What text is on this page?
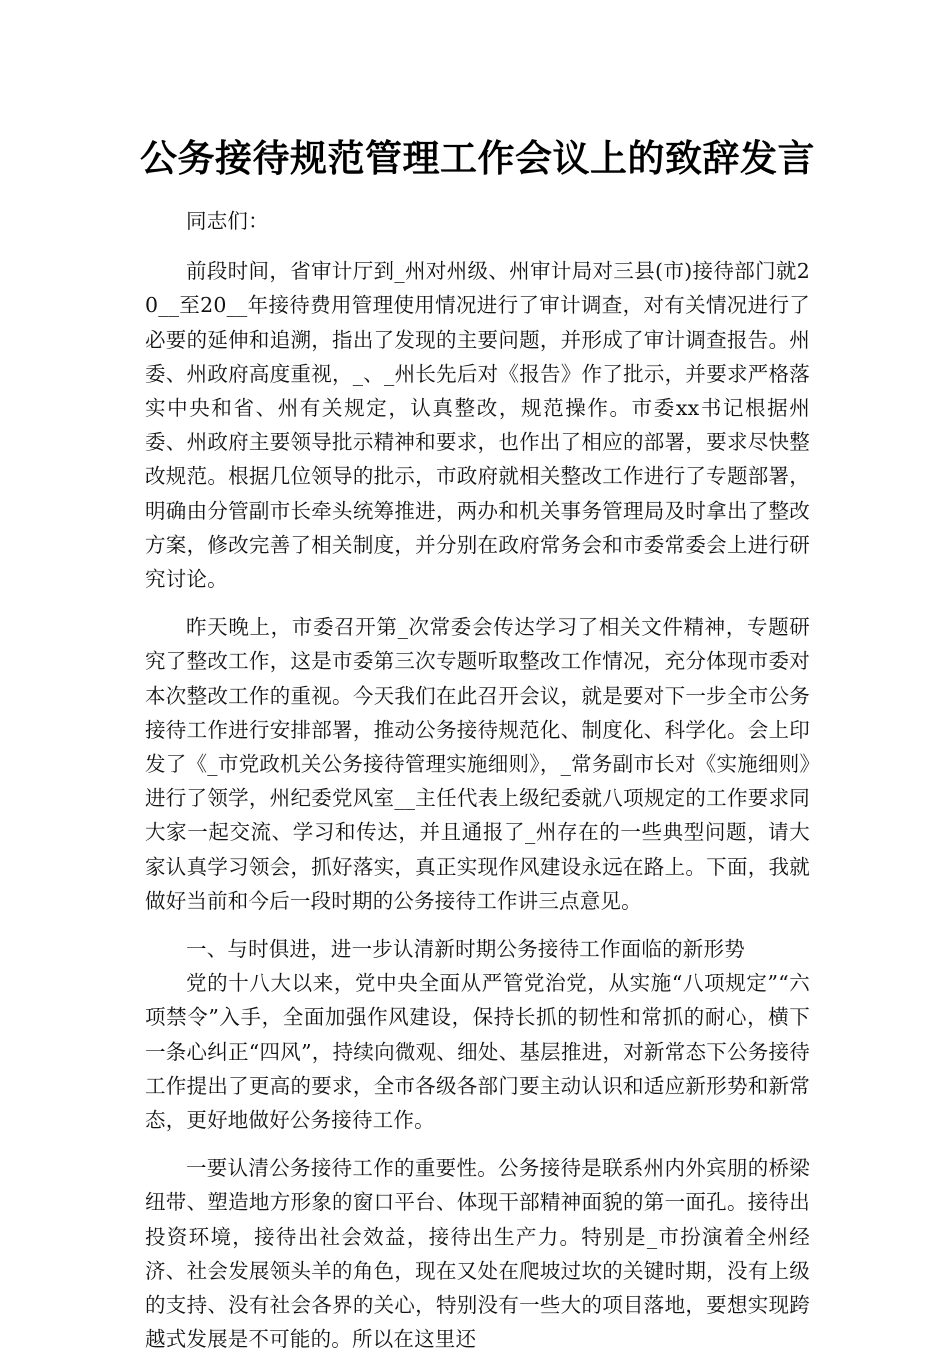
公务接待规范管理工作会议上的致辞发言

同志们：

前段时间，省审计厅到_州对州级、州审计局对三县(市)接待部门就20__至20__年接待费用管理使用情况进行了审计调查，对有关情况进行了必要的延伸和追溯，指出了发现的主要问题，并形成了审计调查报告。州委、州政府高度重视，_、_州长先后对《报告》作了批示，并要求严格落实中央和省、州有关规定，认真整改，规范操作。市委xx书记根据州委、州政府主要领导批示精神和要求，也作出了相应的部署，要求尽快整改规范。根据几位领导的批示，市政府就相关整改工作进行了专题部署，明确由分管副市长牵头统筹推进，两办和机关事务管理局及时拿出了整改方案，修改完善了相关制度，并分别在政府常务会和市委常委会上进行研究讨论。

昨天晚上，市委召开第_次常委会传达学习了相关文件精神，专题研究了整改工作，这是市委第三次专题听取整改工作情况，充分体现市委对本次整改工作的重视。今天我们在此召开会议，就是要对下一步全市公务接待工作进行安排部署，推动公务接待规范化、制度化、科学化。会上印发了《_市党政机关公务接待管理实施细则》，_常务副市长对《实施细则》进行了领学，州纪委党风室__主任代表上级纪委就八项规定的工作要求同大家一起交流、学习和传达，并且通报了_州存在的一些典型问题，请大家认真学习领会，抓好落实，真正实现作风建设永远在路上。下面，我就做好当前和今后一段时期的公务接待工作讲三点意见。

一、与时俱进，进一步认清新时期公务接待工作面临的新形势

党的十八大以来，党中央全面从严管党治党，从实施“八项规定”“六项禁令”入手，全面加强作风建设，保持长抓的韧性和常抓的耐心，横下一条心纠正“四风”，持续向微观、细处、基层推进，对新常态下公务接待工作提出了更高的要求，全市各级各部门要主动认识和适应新形势和新常态，更好地做好公务接待工作。

一要认清公务接待工作的重要性。公务接待是联系州内外宾朋的桥梁纽带、塑造地方形象的窗口平台、体现干部精神面貌的第一面孔。接待出投资环境，接待出社会效益，接待出生产力。特别是_市扮演着全州经济、社会发展领头羊的角色，现在又处在爬坡过坎的关键时期，没有上级的支持、没有社会各界的关心，特别没有一些大的项目落地，要想实现跨越式发展是不可能的。所以在这里还
